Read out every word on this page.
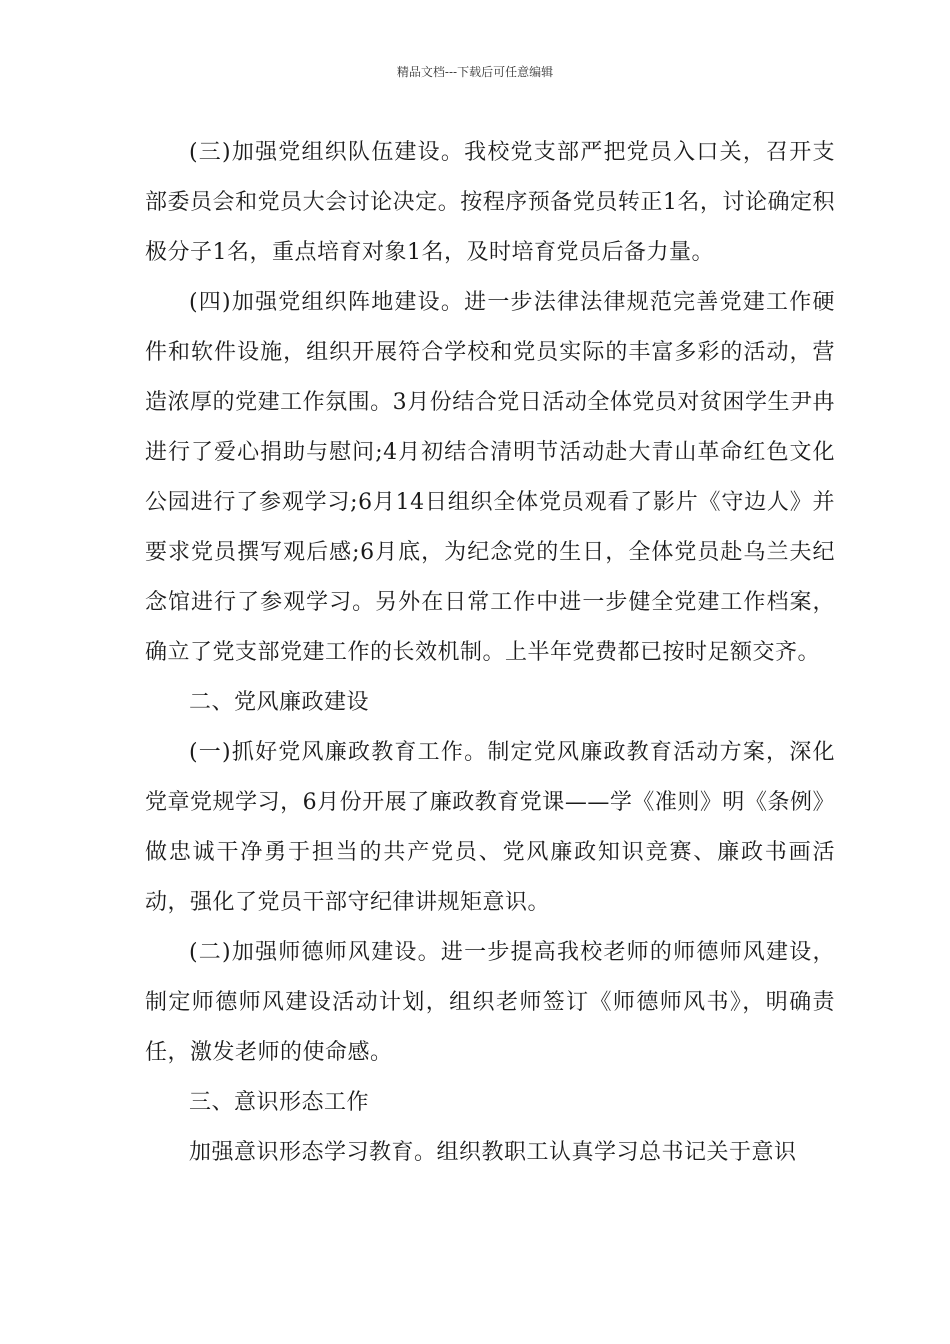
精品文档---下载后可任意编辑

(三)加强党组织队伍建设。我校党支部严把党员入口关，召开支部委员会和党员大会讨论决定。按程序预备党员转正1名，讨论确定积极分子1名，重点培育对象1名，及时培育党员后备力量。

(四)加强党组织阵地建设。进一步法律法律规范完善党建工作硬件和软件设施，组织开展符合学校和党员实际的丰富多彩的活动，营造浓厚的党建工作氛围。3月份结合党日活动全体党员对贫困学生尹冉进行了爱心捐助与慰问;4月初结合清明节活动赴大青山革命红色文化公园进行了参观学习;6月14日组织全体党员观看了影片《守边人》并要求党员撰写观后感;6月底，为纪念党的生日，全体党员赴乌兰夫纪念馆进行了参观学习。另外在日常工作中进一步健全党建工作档案，确立了党支部党建工作的长效机制。上半年党费都已按时足额交齐。

二、党风廉政建设

(一)抓好党风廉政教育工作。制定党风廉政教育活动方案，深化党章党规学习，6月份开展了廉政教育党课——学《准则》明《条例》做忠诚干净勇于担当的共产党员、党风廉政知识竞赛、廉政书画活动，强化了党员干部守纪律讲规矩意识。

(二)加强师德师风建设。进一步提高我校老师的师德师风建设，制定师德师风建设活动计划，组织老师签订《师德师风书》，明确责任，激发老师的使命感。

三、意识形态工作

加强意识形态学习教育。组织教职工认真学习总书记关于意识
